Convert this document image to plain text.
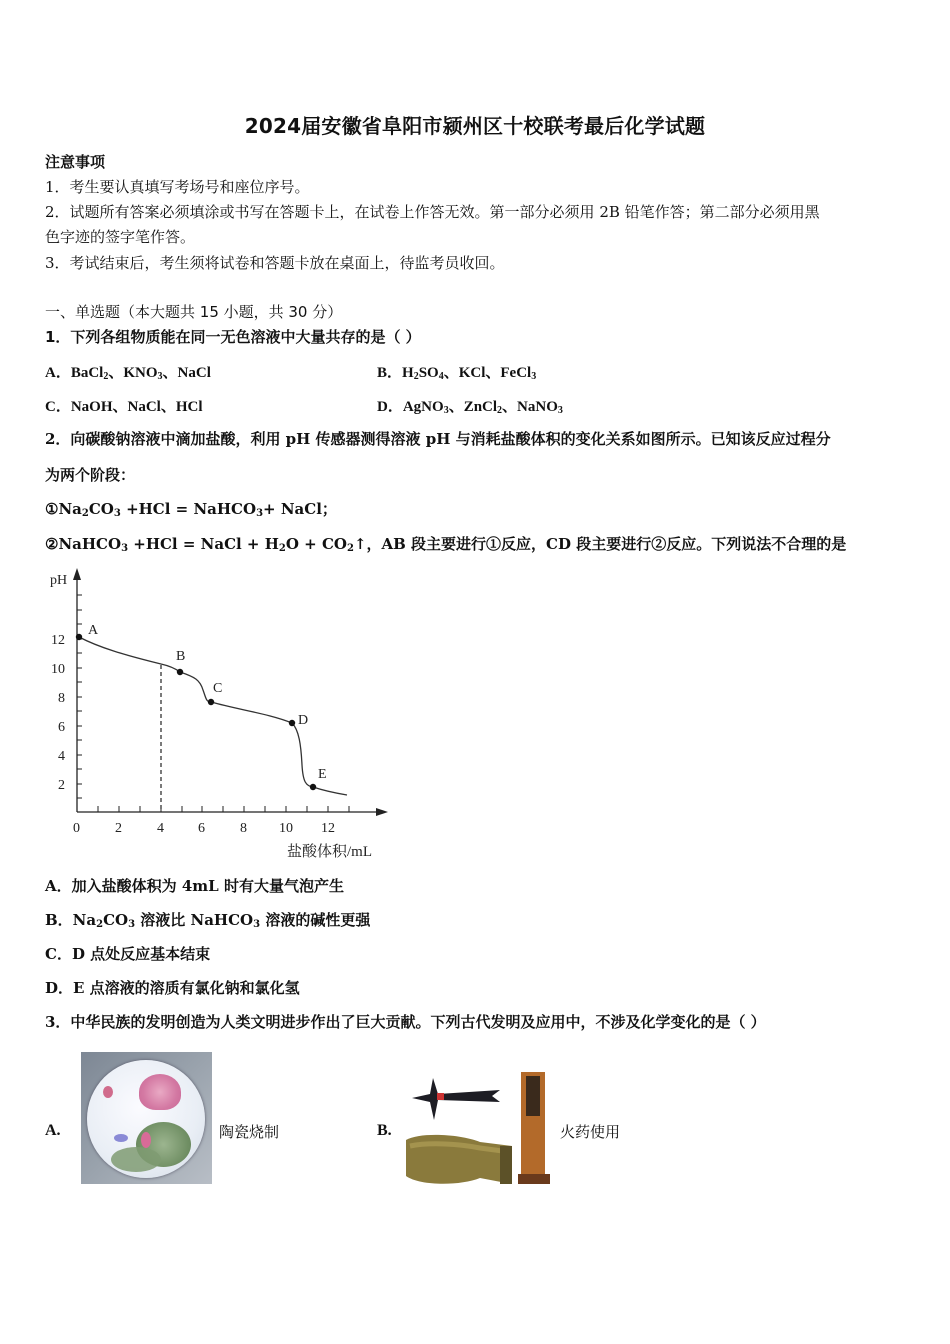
2024届安徽省阜阳市颍州区十校联考最后化学试题
注意事项
1．考生要认真填写考场号和座位序号。
2．试题所有答案必须填涂或书写在答题卡上，在试卷上作答无效。第一部分必须用 2B 铅笔作答；第二部分必须用黑
色字迹的签字笔作答。
3．考试结束后，考生须将试卷和答题卡放在桌面上，待监考员收回。
一、单选题（本大题共 15 小题，共 30 分）
1．下列各组物质能在同一无色溶液中大量共存的是（ ）
A．BaCl$_2$、$KNO_3$、NaCl	B．$H_2SO_4$、KCl、FeCl$_3$
C．NaOH、NaCl、HCl	D．AgNO$_3$、ZnCl$_2$、NaNO$_3$
2．向碳酸钠溶液中滴加盐酸，利用 pH 传感器测得溶液 pH 与消耗盐酸体积的变化关系如图所示。已知该反应过程分
为两个阶段：
$①Na_2CO_3 +HCl$ = NaHCO$_3$+ NaCl；
②NaHCO$_3$ +HCl = NaCl + $H_2O$ + $CO_2↑$，AB 段主要进行①反应，CD 段主要进行②反应。下列说法不合理的是
pH
12
10
8
6
4
2
0	2	4 6	8 10 12
盐酸体积/mL
A
B
C
D
E
A．加入盐酸体积为 4mL 时有大量气泡产生
B．$Na_2CO_3$ 溶液比 NaHCO$_3$ 溶液的碱性更强
C．D 点处反应基本结束
D．E 点溶液的溶质有氯化钠和氯化氢
3．中华民族的发明创造为人类文明进步作出了巨大贡献。下列古代发明及应用中，不涉及化学变化的是（ ）
A.	陶瓷烧制	B.	火药使用
